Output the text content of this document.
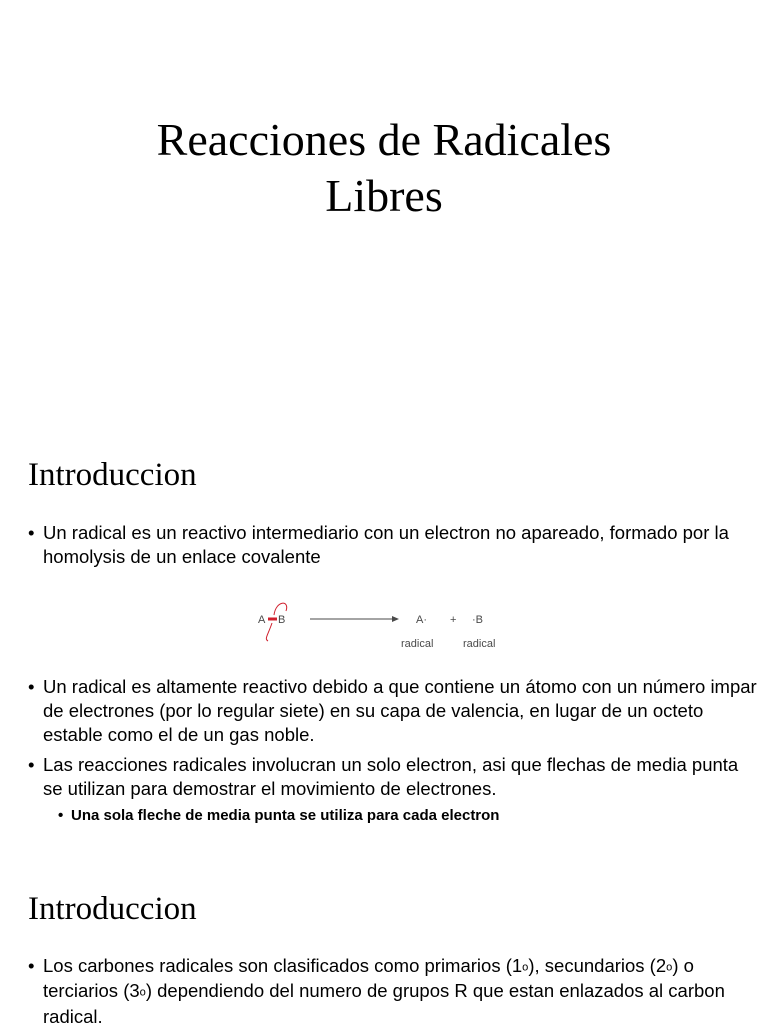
Reacciones de Radicales
Libres
Introduccion
• Un radical es un reactivo intermediario con un electron no apareado, formado por la homolysis de un enlace covalente
A B	A· + ·B
radical	radical
• Un radical es altamente reactivo debido a que contiene un átomo con un número impar de electrones (por lo regular siete) en su capa de valencia, en lugar de un octeto estable como el de un gas noble.
• Las reacciones radicales involucran un solo electron, asi que flechas de media punta se utilizan para demostrar el movimiento de electrones.
• Una sola fleche de media punta se utiliza para cada electron
Introduccion
• Los carbones radicales son clasificados como primarios (1$^o$), secundarios (2$^o$) o terciarios (3$^o$) dependiendo del numero de grupos R que estan enlazados al carbon radical.
